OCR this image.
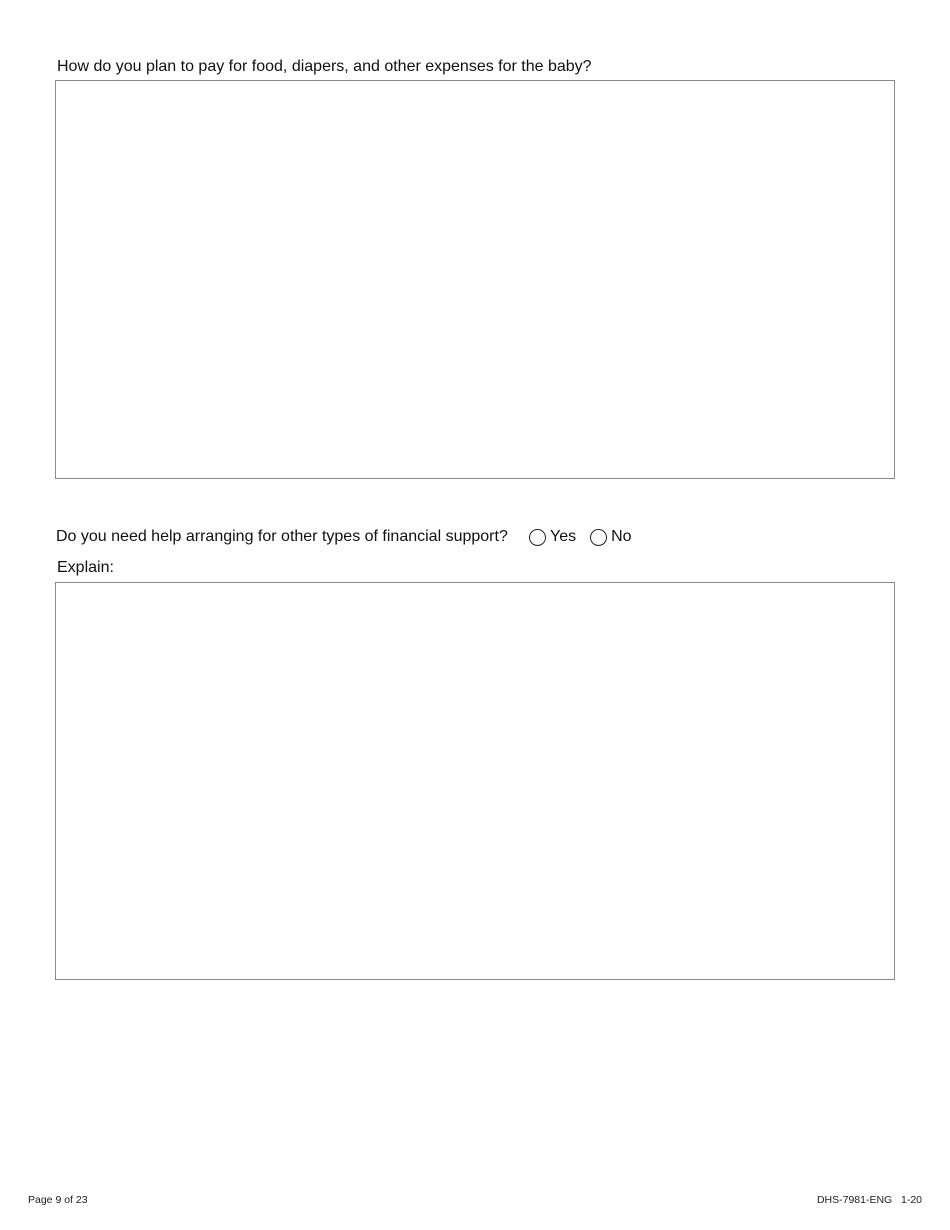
How do you plan to pay for food, diapers, and other expenses for the baby?
Do you need help arranging for other types of financial support?	Yes No
Explain:
Page 9 of 23	DHS-7981-ENG   1-20
